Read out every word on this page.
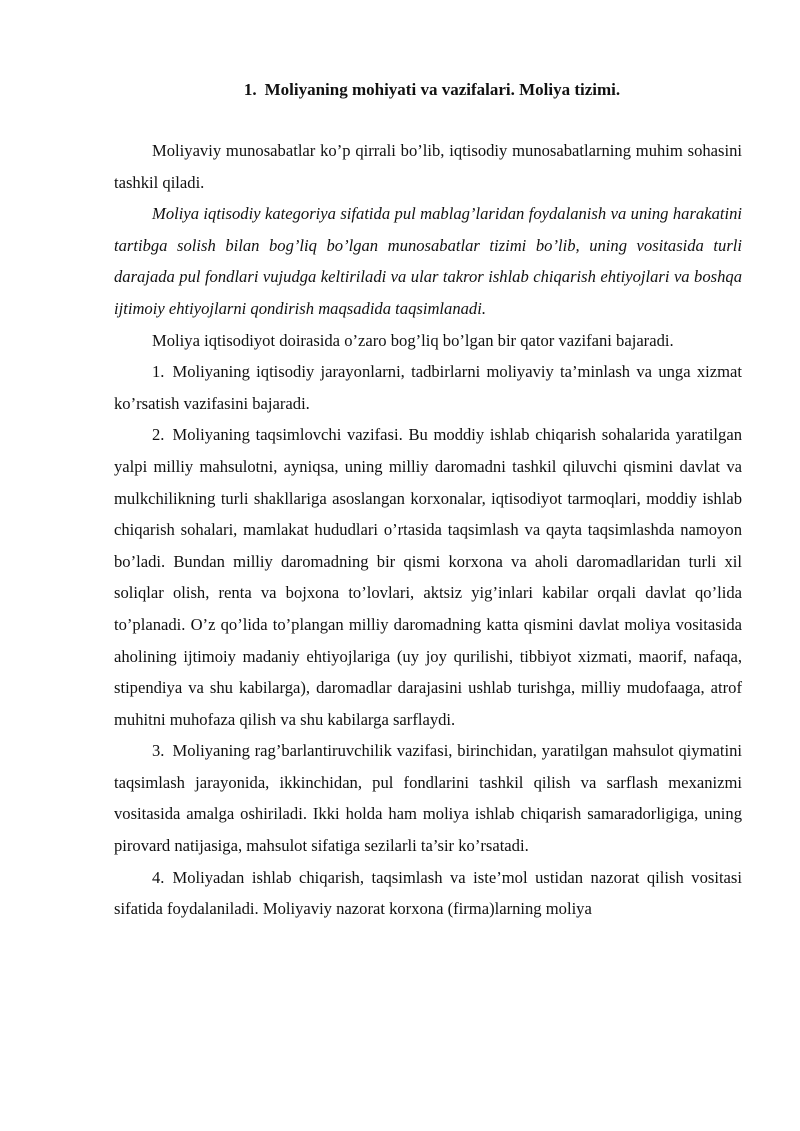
1. Moliyaning mohiyati va vazifalari. Moliya tizimi.

Moliyaviy munosabatlar ko’p qirrali bo’lib, iqtisodiy munosabatlarning muhim sohasini tashkil qiladi.

Moliya iqtisodiy kategoriya sifatida pul mablag’laridan foydalanish va uning harakatini tartibga solish bilan bog’liq bo’lgan munosabatlar tizimi bo’lib, uning vositasida turli darajada pul fondlari vujudga keltiriladi va ular takror ishlab chiqarish ehtiyojlari va boshqa ijtimoiy ehtiyojlarni qondirish maqsadida taqsimlanadi.

Moliya iqtisodiyot doirasida o’zaro bog’liq bo’lgan bir qator vazifani bajaradi.

1. Moliyaning iqtisodiy jarayonlarni, tadbirlarni moliyaviy ta’minlash va unga xizmat ko’rsatish vazifasini bajaradi.

2. Moliyaning taqsimlovchi vazifasi. Bu moddiy ishlab chiqarish sohalarida yaratilgan yalpi milliy mahsulotni, ayniqsa, uning milliy daromadni tashkil qiluvchi qismini davlat va mulkchilikning turli shakllariga asoslangan korxonalar, iqtisodiyot tarmoqlari, moddiy ishlab chiqarish sohalari, mamlakat hududlari o’rtasida taqsimlash va qayta taqsimlashda namoyon bo’ladi. Bundan milliy daromadning bir qismi korxona va aholi daromadlaridan turli xil soliqlar olish, renta va bojxona to’lovlari, aktsiz yig’inlari kabilar orqali davlat qo’lida to’planadi. O’z qo’lida to’plangan milliy daromadning katta qismini davlat moliya vositasida aholining ijtimoiy madaniy ehtiyojlariga (uy joy qurilishi, tibbiyot xizmati, maorif, nafaqa, stipendiya va shu kabilarga), daromadlar darajasini ushlab turishga, milliy mudofaaga, atrof muhitni muhofaza qilish va shu kabilarga sarflaydi.

3. Moliyaning rag’barlantiruvchilik vazifasi, birinchidan, yaratilgan mahsulot qiymatini taqsimlash jarayonida, ikkinchidan, pul fondlarini tashkil qilish va sarflash mexanizmi vositasida amalga oshiriladi. Ikki holda ham moliya ishlab chiqarish samaradorligiga, uning pirovard natijasiga, mahsulot sifatiga sezilarli ta’sir ko’rsatadi.

4. Moliyadan ishlab chiqarish, taqsimlash va iste’mol ustidan nazorat qilish vositasi sifatida foydalaniladi. Moliyaviy nazorat korxona (firma)larning moliya
